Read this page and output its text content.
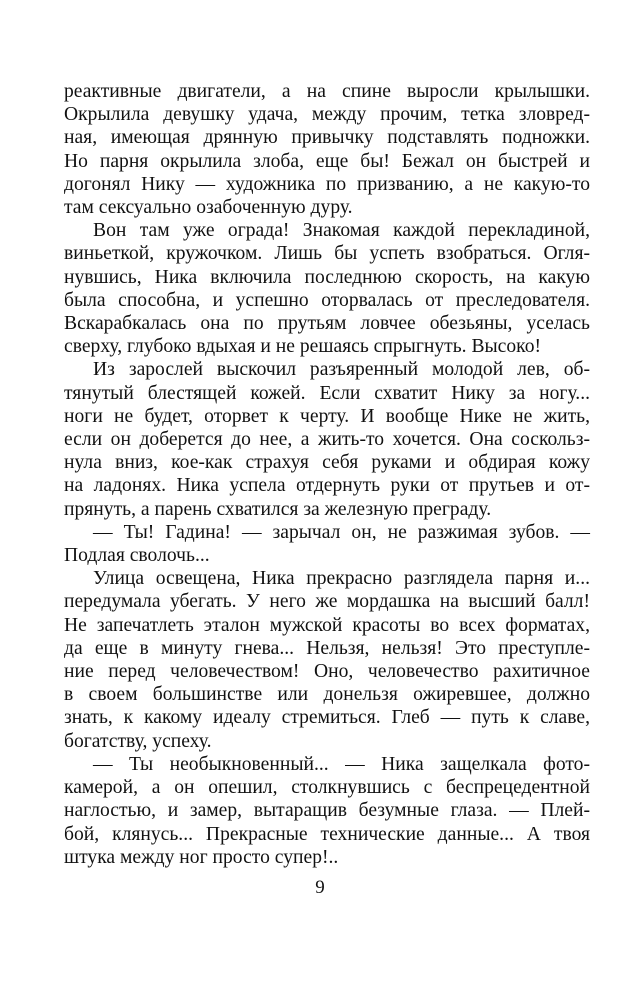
реактивные двигатели, а на спине выросли крылышки.
Окрылила девушку удача, между прочим, тетка зловред-
ная, имеющая дрянную привычку подставлять подножки.
Но парня окрылила злоба, еще бы! Бежал он быстрей и
догонял Нику — художника по призванию, а не какую-то
там сексуально озабоченную дуру.
Вон там уже ограда! Знакомая каждой перекладиной,
виньеткой, кружочком. Лишь бы успеть взобраться. Огля-
нувшись, Ника включила последнюю скорость, на какую
была способна, и успешно оторвалась от преследователя.
Вскарабкалась она по прутьям ловчее обезьяны, уселась
сверху, глубоко вдыхая и не решаясь спрыгнуть. Высоко!
Из зарослей выскочил разъяренный молодой лев, об-
тянутый блестящей кожей. Если схватит Нику за ногу...
ноги не будет, оторвет к черту. И вообще Нике не жить,
если он доберется до нее, а жить-то хочется. Она соскольз-
нула вниз, кое-как страхуя себя руками и обдирая кожу
на ладонях. Ника успела отдернуть руки от прутьев и от-
прянуть, а парень схватился за железную преграду.
— Ты! Гадина! — зарычал он, не разжимая зубов. —
Подлая сволочь...
Улица освещена, Ника прекрасно разглядела парня и...
передумала убегать. У него же мордашка на высший балл!
Не запечатлеть эталон мужской красоты во всех форматах,
да еще в минуту гнева... Нельзя, нельзя! Это преступле-
ние перед человечеством! Оно, человечество рахитичное
в своем большинстве или донельзя ожиревшее, должно
знать, к какому идеалу стремиться. Глеб — путь к славе,
богатству, успеху.
— Ты необыкновенный... — Ника защелкала фото-
камерой, а он опешил, столкнувшись с беспрецедентной
наглостью, и замер, вытаращив безумные глаза. — Плей-
бой, клянусь... Прекрасные технические данные... А твоя
штука между ног просто супер!..
9
